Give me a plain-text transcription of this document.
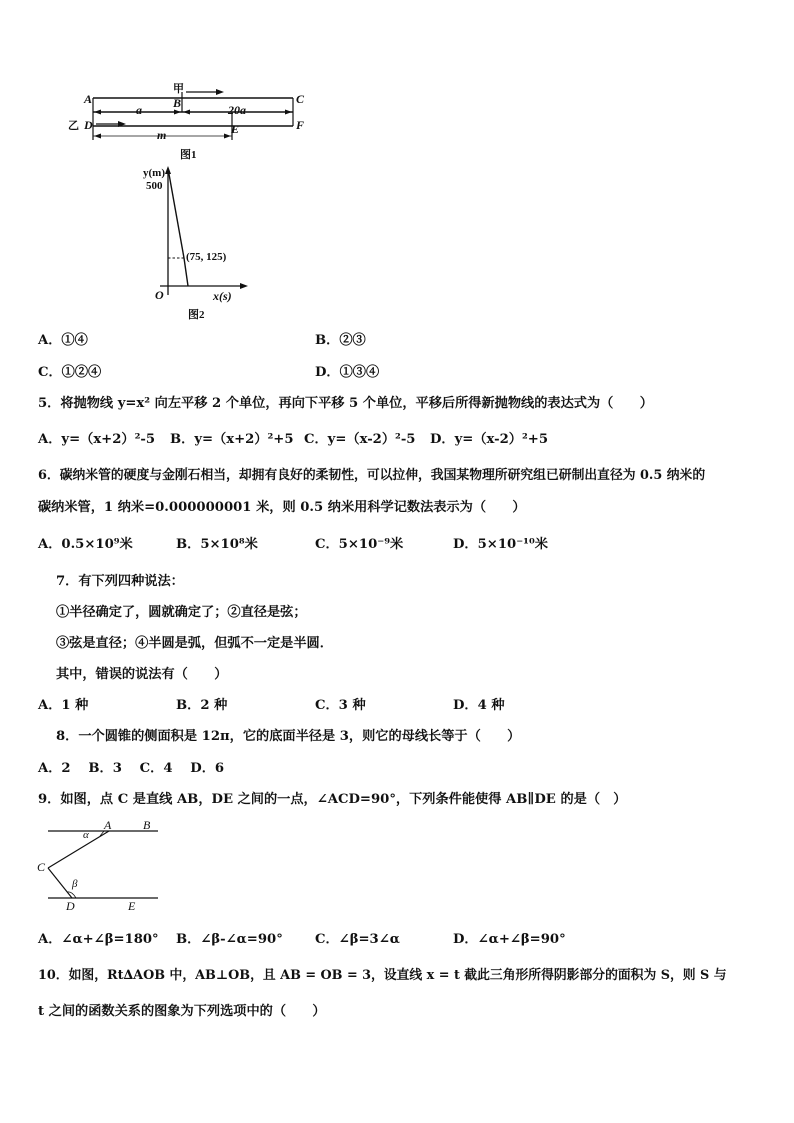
甲
A	B	C
乙 D	E	F
a	20a
m
图1
y(m)
500
(75, 125)
O	x(s)
图2
A．①④	B．②③
C．①②④	D．①③④
5．将抛物线 y=x² 向左平移 2 个单位，再向下平移 5 个单位，平移后所得新抛物线的表达式为（　　）
A．y=（x+2）²-5 B．y=（x+2）²+5 C．y=（x-2）²-5 D．y=（x-2）²+5
6．碳纳米管的硬度与金刚石相当，却拥有良好的柔韧性，可以拉伸，我国某物理所研究组已研制出直径为 0.5 纳米的
碳纳米管，1 纳米=0.000000001 米，则 0.5 纳米用科学记数法表示为（　　）
A．0.5×10⁹米	B．5×10⁸米	C．5×10⁻⁹米	D．5×10⁻¹⁰米
7．有下列四种说法：
①半径确定了，圆就确定了；②直径是弦；
③弦是直径；④半圆是弧，但弧不一定是半圆．
其中，错误的说法有（　　）
A．1 种	B．2 种	C．3 种	D．4 种
8．一个圆锥的侧面积是 12π，它的底面半径是 3，则它的母线长等于（　　）
A．2　 B．3　 C．4　 D．6
9．如图，点 C 是直线 AB，DE 之间的一点，∠ACD=90°，下列条件能使得 AB∥DE 的是（　）
A	B
C
D	E
α
β
A．∠α+∠β=180° B．∠β-∠α=90° C．∠β=3∠α	D．∠α+∠β=90°
10．如图，Rt∆AOB 中，AB⊥OB，且 AB = OB = 3，设直线 x = t 截此三角形所得阴影部分的面积为 S，则 S 与
t 之间的函数关系的图象为下列选项中的（　　）
